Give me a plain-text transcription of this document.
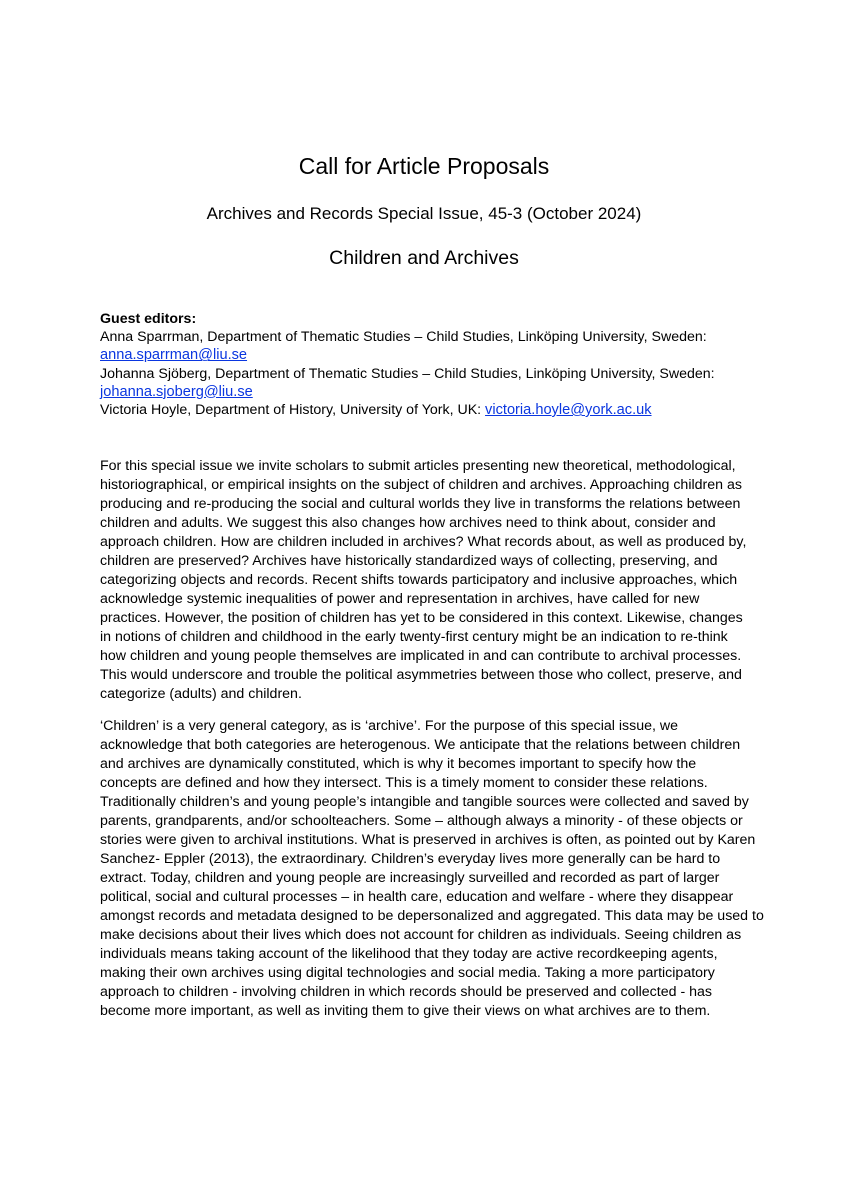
Call for Article Proposals
Archives and Records Special Issue, 45-3 (October 2024)
Children and Archives
Guest editors:
Anna Sparrman, Department of Thematic Studies – Child Studies, Linköping University, Sweden:
anna.sparrman@liu.se
Johanna Sjöberg, Department of Thematic Studies – Child Studies, Linköping University, Sweden:
johanna.sjoberg@liu.se
Victoria Hoyle, Department of History, University of York, UK: victoria.hoyle@york.ac.uk
For this special issue we invite scholars to submit articles presenting new theoretical, methodological,
historiographical, or empirical insights on the subject of children and archives. Approaching children as
producing and re-producing the social and cultural worlds they live in transforms the relations between
children and adults. We suggest this also changes how archives need to think about, consider and
approach children. How are children included in archives? What records about, as well as produced by,
children are preserved? Archives have historically standardized ways of collecting, preserving, and
categorizing objects and records. Recent shifts towards participatory and inclusive approaches, which
acknowledge systemic inequalities of power and representation in archives, have called for new
practices. However, the position of children has yet to be considered in this context. Likewise, changes
in notions of children and childhood in the early twenty-first century might be an indication to re-think
how children and young people themselves are implicated in and can contribute to archival processes.
This would underscore and trouble the political asymmetries between those who collect, preserve, and
categorize (adults) and children.
‘Children’ is a very general category, as is ‘archive’. For the purpose of this special issue, we
acknowledge that both categories are heterogenous. We anticipate that the relations between children
and archives are dynamically constituted, which is why it becomes important to specify how the
concepts are defined and how they intersect. This is a timely moment to consider these relations.
Traditionally children’s and young people’s intangible and tangible sources were collected and saved by
parents, grandparents, and/or schoolteachers. Some – although always a minority - of these objects or
stories were given to archival institutions. What is preserved in archives is often, as pointed out by Karen
Sanchez- Eppler (2013), the extraordinary. Children’s everyday lives more generally can be hard to
extract. Today, children and young people are increasingly surveilled and recorded as part of larger
political, social and cultural processes – in health care, education and welfare - where they disappear
amongst records and metadata designed to be depersonalized and aggregated. This data may be used to
make decisions about their lives which does not account for children as individuals. Seeing children as
individuals means taking account of the likelihood that they today are active recordkeeping agents,
making their own archives using digital technologies and social media. Taking a more participatory
approach to children - involving children in which records should be preserved and collected - has
become more important, as well as inviting them to give their views on what archives are to them.
